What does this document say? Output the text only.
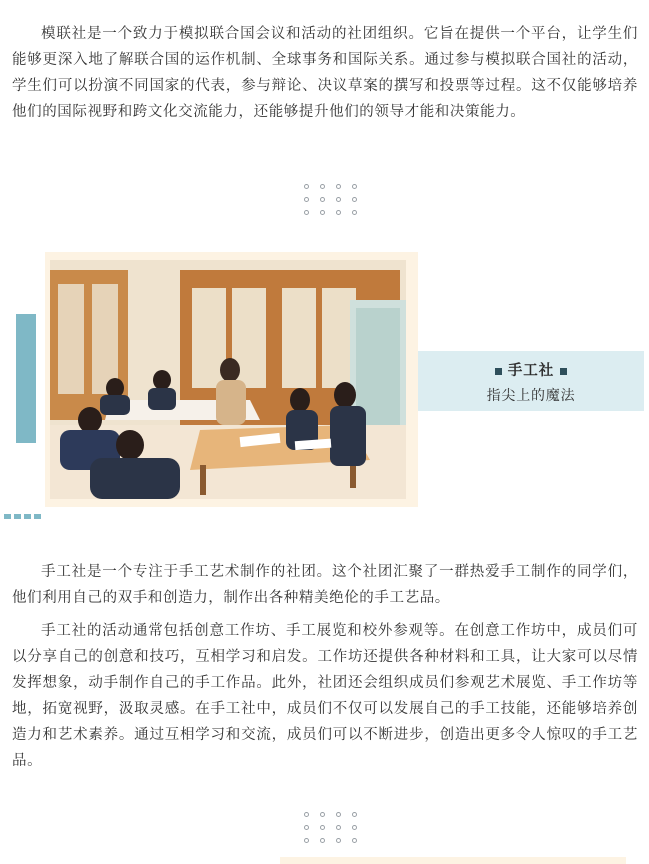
模联社是一个致力于模拟联合国会议和活动的社团组织。它旨在提供一个平台，让学生们能够更深入地了解联合国的运作机制、全球事务和国际关系。通过参与模拟联合国社的活动，学生们可以扮演不同国家的代表，参与辩论、决议草案的撰写和投票等过程。这不仅能够培养他们的国际视野和跨文化交流能力，还能够提升他们的领导才能和决策能力。

手工社
指尖上的魔法

手工社是一个专注于手工艺术制作的社团。这个社团汇聚了一群热爱手工制作的同学们，他们利用自己的双手和创造力，制作出各种精美绝伦的手工艺品。

手工社的活动通常包括创意工作坊、手工展览和校外参观等。在创意工作坊中，成员们可以分享自己的创意和技巧，互相学习和启发。工作坊还提供各种材料和工具，让大家可以尽情发挥想象，动手制作自己的手工作品。此外，社团还会组织成员们参观艺术展览、手工作坊等地，拓宽视野，汲取灵感。在手工社中，成员们不仅可以发展自己的手工技能，还能够培养创造力和艺术素养。通过互相学习和交流，成员们可以不断进步，创造出更多令人惊叹的手工艺品。
